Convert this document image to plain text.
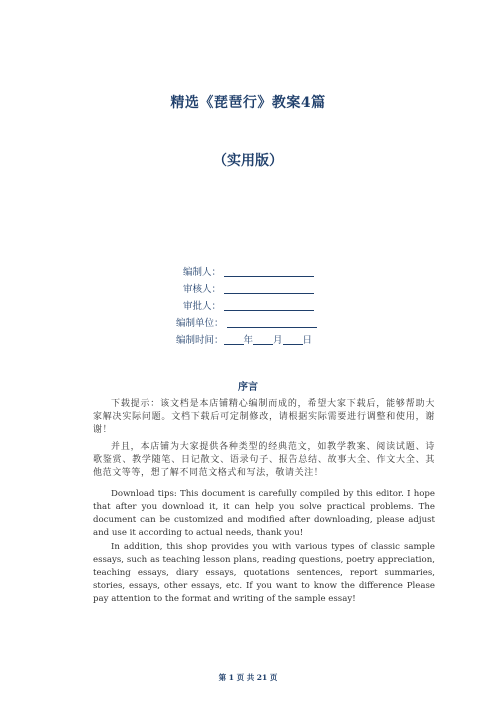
精选《琵琶行》教案4篇
（实用版）
编制人：
审核人：
审批人：
编制单位：
编制时间： 年 月 日
序言

下载提示：该文档是本店铺精心编制而成的，希望大家下载后，能够帮助大家解决实际问题。文档下载后可定制修改，请根据实际需要进行调整和使用，谢谢！

并且，本店铺为大家提供各种类型的经典范文，如教学教案、阅读试题、诗歌鉴赏、教学随笔、日记散文、语录句子、报告总结、故事大全、作文大全、其他范文等等，想了解不同范文格式和写法，敬请关注！

Download tips: This document is carefully compiled by this editor. I hope that after you download it, it can help you solve practical problems. The document can be customized and modified after downloading, please adjust and use it according to actual needs, thank you!

In addition, this shop provides you with various types of classic sample essays, such as teaching lesson plans, reading questions, poetry appreciation, teaching essays, diary essays, quotations sentences, report summaries, stories, essays, other essays, etc. If you want to know the difference Please pay attention to the format and writing of the sample essay!

第 1 页 共 21 页
